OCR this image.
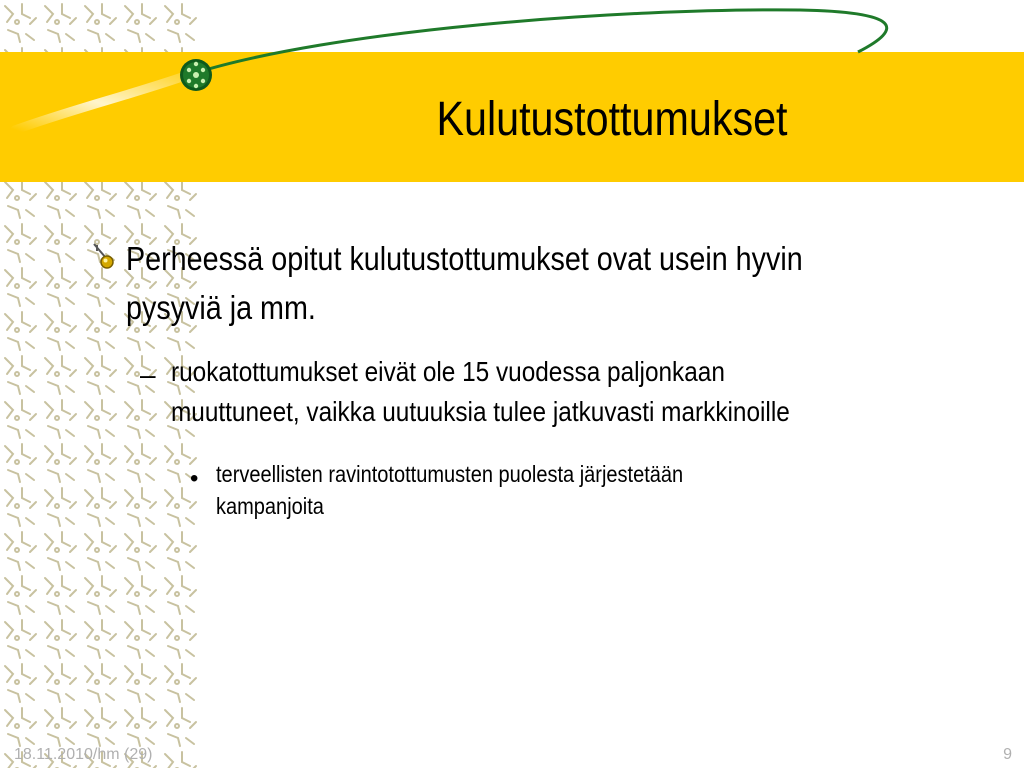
Kulutustottumukset
Perheessä opitut kulutustottumukset ovat usein hyvin
pysyviä ja mm.
– ruokatottumukset eivät ole 15 vuodessa paljonkaan
muuttuneet, vaikka uutuuksia tulee jatkuvasti markkinoille
• terveellisten ravintotottumusten puolesta järjestetään
kampanjoita
18.11.2010/hm (29)	9
